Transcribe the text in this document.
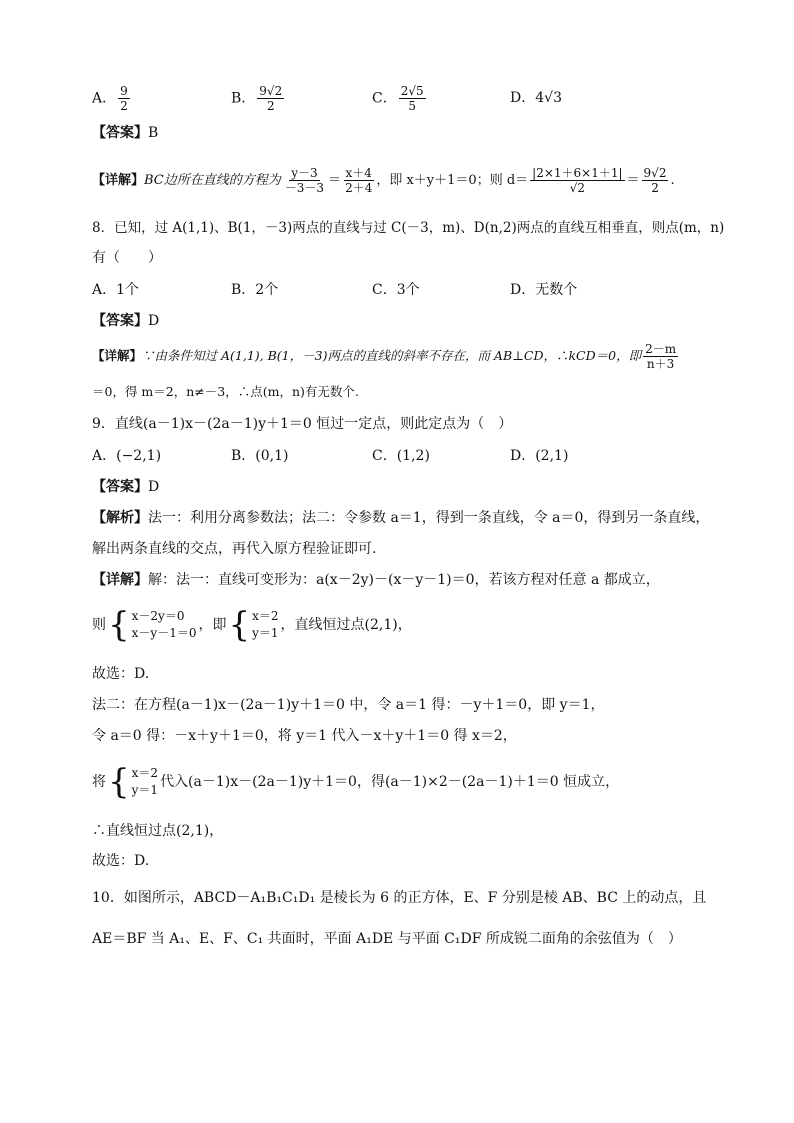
A． $\frac{9}{2}$	B． $\frac{9√2}{2}$	C． $\frac{2√5}{5}$	D．4√3
【答案】B
【详解】BC边所在直线的方程为 $\frac{y-3}{-3-3} = \frac{x+4}{2+4}$ ，即 x＋y＋1＝0；则 $d= \frac{|2\times 1+6\times 1+1|}{√2} = \frac{9√2}{2}$ .
8．已知，过 A(1,1)、B(1，－3)两点的直线与过 C(－3，m)、D(n,2)两点的直线互相垂直，则点(m，n)
有（　　）
A．1个	B．2个	C．3个	D．无数个
【答案】D
【详解】∵由条件知过 A(1,1), B(1，－3)两点的直线的斜率不存在，而 AB⊥CD，∴kCD＝0，即 $\frac{2-m}{n+3}$
＝0，得 m＝2，n≠－3，∴点(m，n)有无数个.
9．直线(a－1)x－(2a－1)y＋1＝0 恒过一定点，则此定点为（　）
A．(−2,1)	B．(0,1)	C．(1,2)	D．(2,1)
【答案】D
【解析】法一：利用分离参数法；法二：令参数 a＝1，得到一条直线，令 a＝0，得到另一条直线，
解出两条直线的交点，再代入原方程验证即可.
【详解】解：法一：直线可变形为：a(x－2y)－(x－y－1)＝0，若该方程对任意 a 都成立，
则 { x－2y＝0
x－y－1＝0 ，即 { x＝2
y＝1 ，直线恒过点(2,1)，
故选：D.
法二：在方程(a－1)x－(2a－1)y＋1＝0 中，令 a＝1 得：－y＋1＝0，即 y＝1，
令 a＝0 得：－x＋y＋1＝0，将 y＝1 代入－x＋y＋1＝0 得 x＝2，
将 { x＝2
y＝1 代入(a－1)x－(2a－1)y＋1＝0，得(a－1)×2－(2a－1)＋1＝0 恒成立，
∴直线恒过点(2,1)，
故选：D.
10．如图所示，ABCD－A₁B₁C₁D₁ 是棱长为 6 的正方体，E、F 分别是棱 AB、BC 上的动点，且
AE＝BF 当 A₁、E、F、C₁ 共面时，平面 A₁DE 与平面 C₁DF 所成锐二面角的余弦值为（　）
